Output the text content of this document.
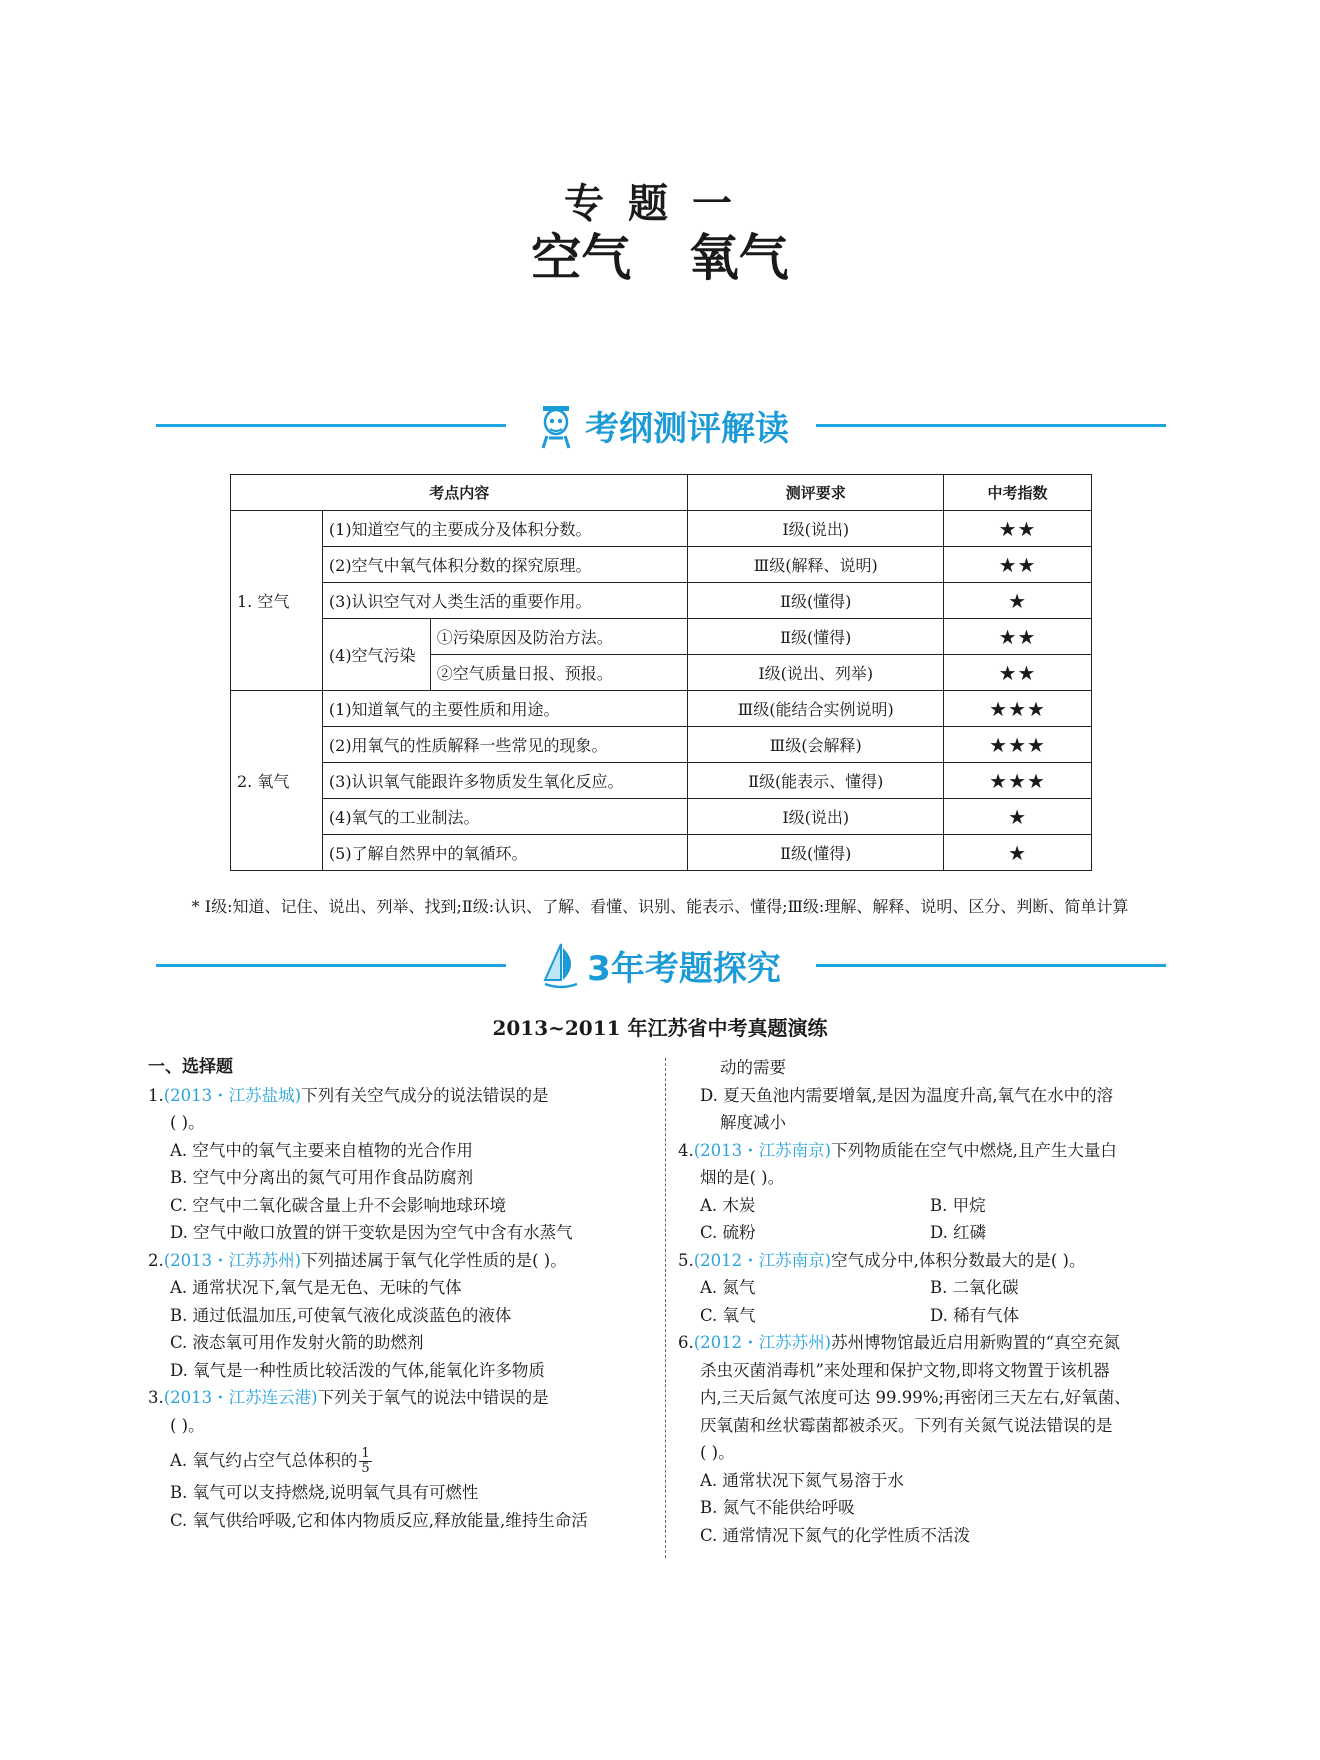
专题一
空气 氧气
考纲测评解读
考点内容			测评要求	中考指数
1. 空气	(1)知道空气的主要成分及体积分数。		Ⅰ级(说出)	★★
	(2)空气中氧气体积分数的探究原理。		Ⅲ级(解释、说明)	★★
	(3)认识空气对人类生活的重要作用。		Ⅱ级(懂得)	★
	(4)空气污染	①污染原因及防治方法。	Ⅱ级(懂得)	★★
		②空气质量日报、预报。	Ⅰ级(说出、列举)	★★
2. 氧气	(1)知道氧气的主要性质和用途。		Ⅲ级(能结合实例说明)	★★★
	(2)用氧气的性质解释一些常见的现象。		Ⅲ级(会解释)	★★★
	(3)认识氧气能跟许多物质发生氧化反应。		Ⅱ级(能表示、懂得)	★★★
	(4)氧气的工业制法。		Ⅰ级(说出)	★
	(5)了解自然界中的氧循环。		Ⅱ级(懂得)	★
* Ⅰ级:知道、记住、说出、列举、找到;Ⅱ级:认识、了解、看懂、识别、能表示、懂得;Ⅲ级:理解、解释、说明、区分、判断、简单计算
3年考题探究
2013~2011 年江苏省中考真题演练
一、选择题
1.(2013・江苏盐城)下列有关空气成分的说法错误的是
( )。
A. 空气中的氧气主要来自植物的光合作用
B. 空气中分离出的氮气可用作食品防腐剂
C. 空气中二氧化碳含量上升不会影响地球环境
D. 空气中敞口放置的饼干变软是因为空气中含有水蒸气
2.(2013・江苏苏州)下列描述属于氧气化学性质的是( )。
A. 通常状况下,氧气是无色、无味的气体
B. 通过低温加压,可使氧气液化成淡蓝色的液体
C. 液态氧可用作发射火箭的助燃剂
D. 氧气是一种性质比较活泼的气体,能氧化许多物质
3.(2013・江苏连云港)下列关于氧气的说法中错误的是
( )。
A. 氧气约占空气总体积的 $\frac{1}{5}$
B. 氧气可以支持燃烧,说明氧气具有可燃性
C. 氧气供给呼吸,它和体内物质反应,释放能量,维持生命活
动的需要
D. 夏天鱼池内需要增氧,是因为温度升高,氧气在水中的溶
解度减小
4.(2013・江苏南京)下列物质能在空气中燃烧,且产生大量白
烟的是( )。
A. 木炭	B. 甲烷
C. 硫粉	D. 红磷
5.(2012・江苏南京)空气成分中,体积分数最大的是( )。
A. 氮气	B. 二氧化碳
C. 氧气	D. 稀有气体
6.(2012・江苏苏州)苏州博物馆最近启用新购置的“真空充氮
杀虫灭菌消毒机”来处理和保护文物,即将文物置于该机器
内,三天后氮气浓度可达 99.99%;再密闭三天左右,好氧菌、
厌氧菌和丝状霉菌都被杀灭。下列有关氮气说法错误的是
( )。
A. 通常状况下氮气易溶于水
B. 氮气不能供给呼吸
C. 通常情况下氮气的化学性质不活泼
